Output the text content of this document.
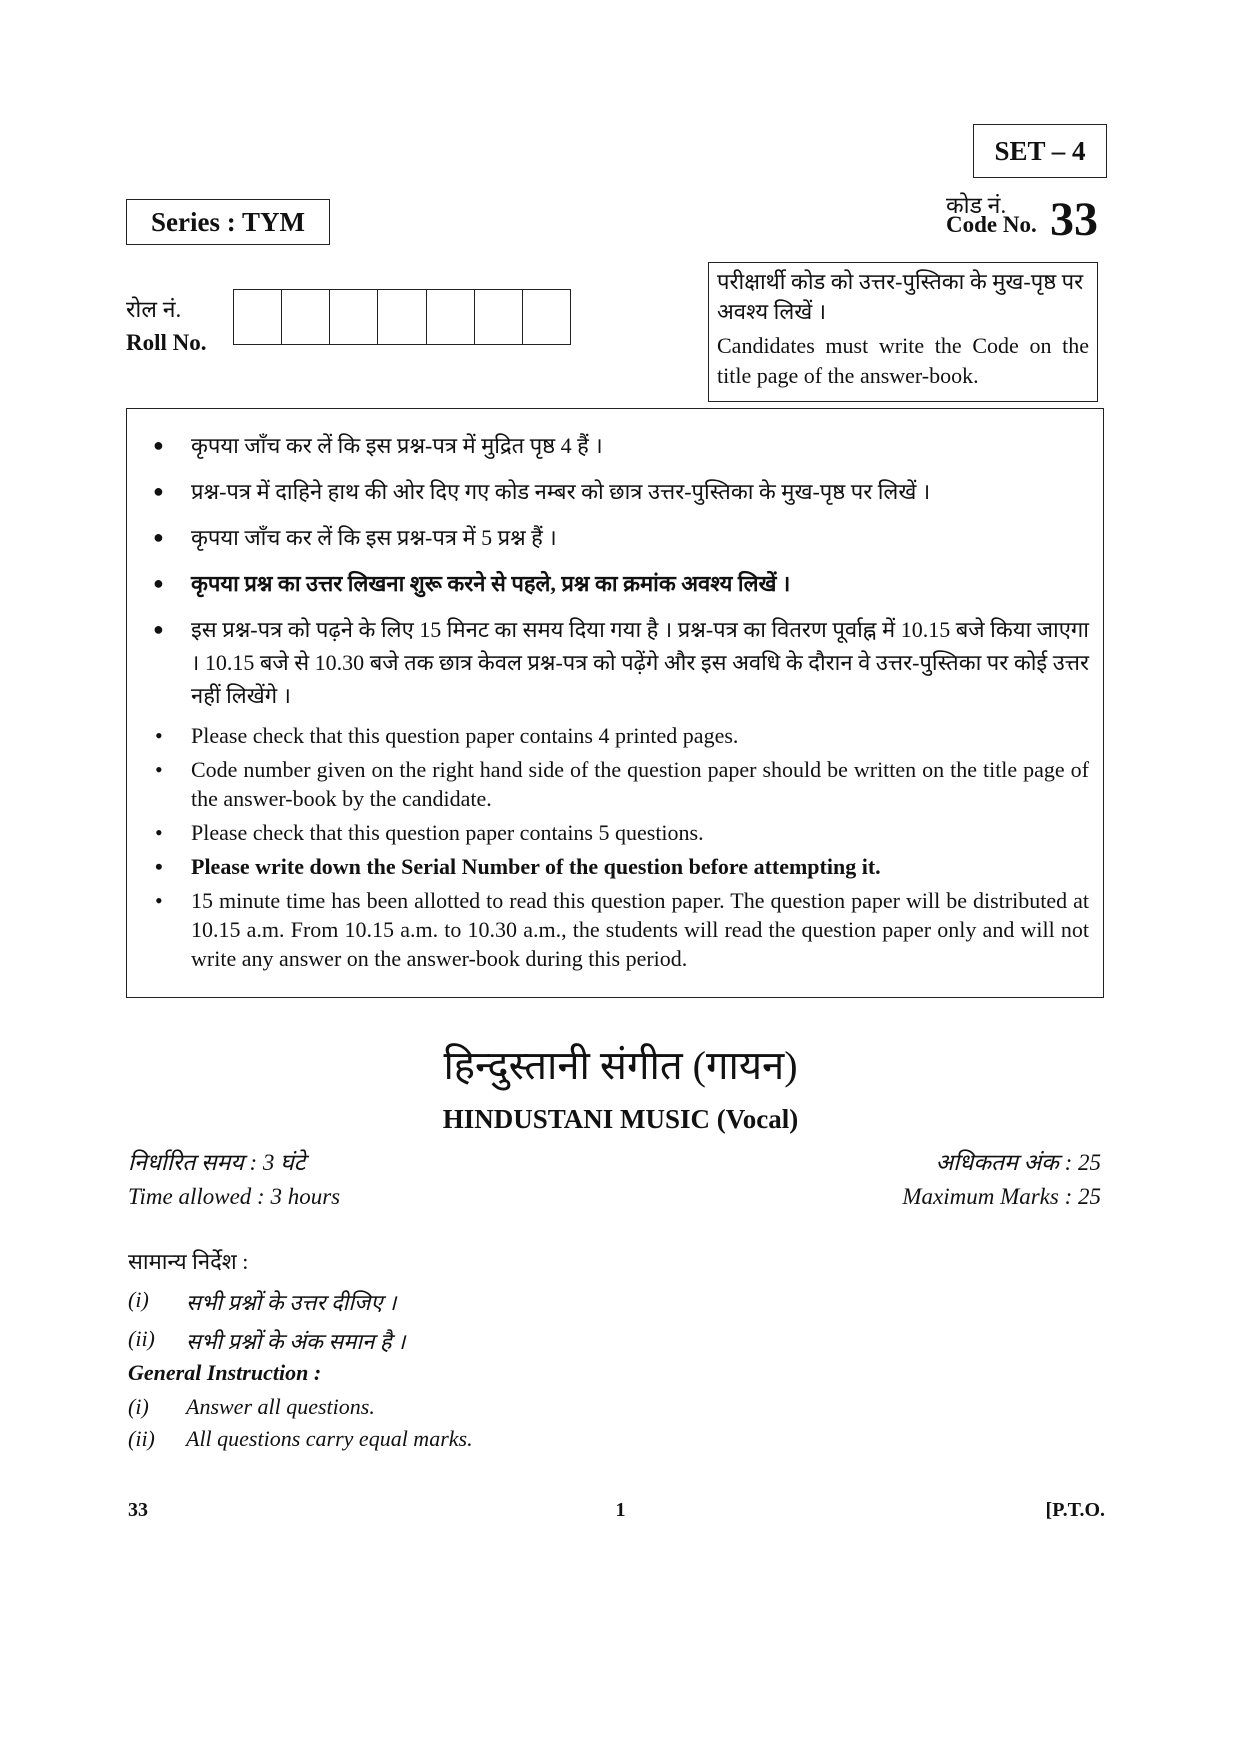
SET – 4
कोड नं.
Code No. 33
Series : TYM
रोल नं.
Roll No.
परीक्षार्थी कोड को उत्तर-पुस्तिका के मुख-पृष्ठ पर अवश्य लिखें ।
Candidates must write the Code on the title page of the answer-book.
● कृपया जाँच कर लें कि इस प्रश्न-पत्र में मुद्रित पृष्ठ 4 हैं ।
● प्रश्न-पत्र में दाहिने हाथ की ओर दिए गए कोड नम्बर को छात्र उत्तर-पुस्तिका के मुख-पृष्ठ पर लिखें ।
● कृपया जाँच कर लें कि इस प्रश्न-पत्र में 5 प्रश्न हैं ।
● कृपया प्रश्न का उत्तर लिखना शुरू करने से पहले, प्रश्न का क्रमांक अवश्य लिखें ।
● इस प्रश्न-पत्र को पढ़ने के लिए 15 मिनट का समय दिया गया है । प्रश्न-पत्र का वितरण पूर्वाह्न में 10.15 बजे किया जाएगा । 10.15 बजे से 10.30 बजे तक छात्र केवल प्रश्न-पत्र को पढ़ेंगे और इस अवधि के दौरान वे उत्तर-पुस्तिका पर कोई उत्तर नहीं लिखेंगे ।
• Please check that this question paper contains 4 printed pages.
• Code number given on the right hand side of the question paper should be written on the title page of the answer-book by the candidate.
• Please check that this question paper contains 5 questions.
• Please write down the Serial Number of the question before attempting it.
• 15 minute time has been allotted to read this question paper. The question paper will be distributed at 10.15 a.m. From 10.15 a.m. to 10.30 a.m., the students will read the question paper only and will not write any answer on the answer-book during this period.
हिन्दुस्तानी संगीत (गायन)
HINDUSTANI MUSIC (Vocal)
निर्धारित समय : 3 घंटे
Time allowed : 3 hours
अधिकतम अंक : 25
Maximum Marks : 25
सामान्य निर्देश :
(i)	सभी प्रश्नों के उत्तर दीजिए ।
(ii)	सभी प्रश्नों के अंक समान है ।
General Instruction :
(i)	Answer all questions.
(ii)	All questions carry equal marks.
33	1	[P.T.O.
